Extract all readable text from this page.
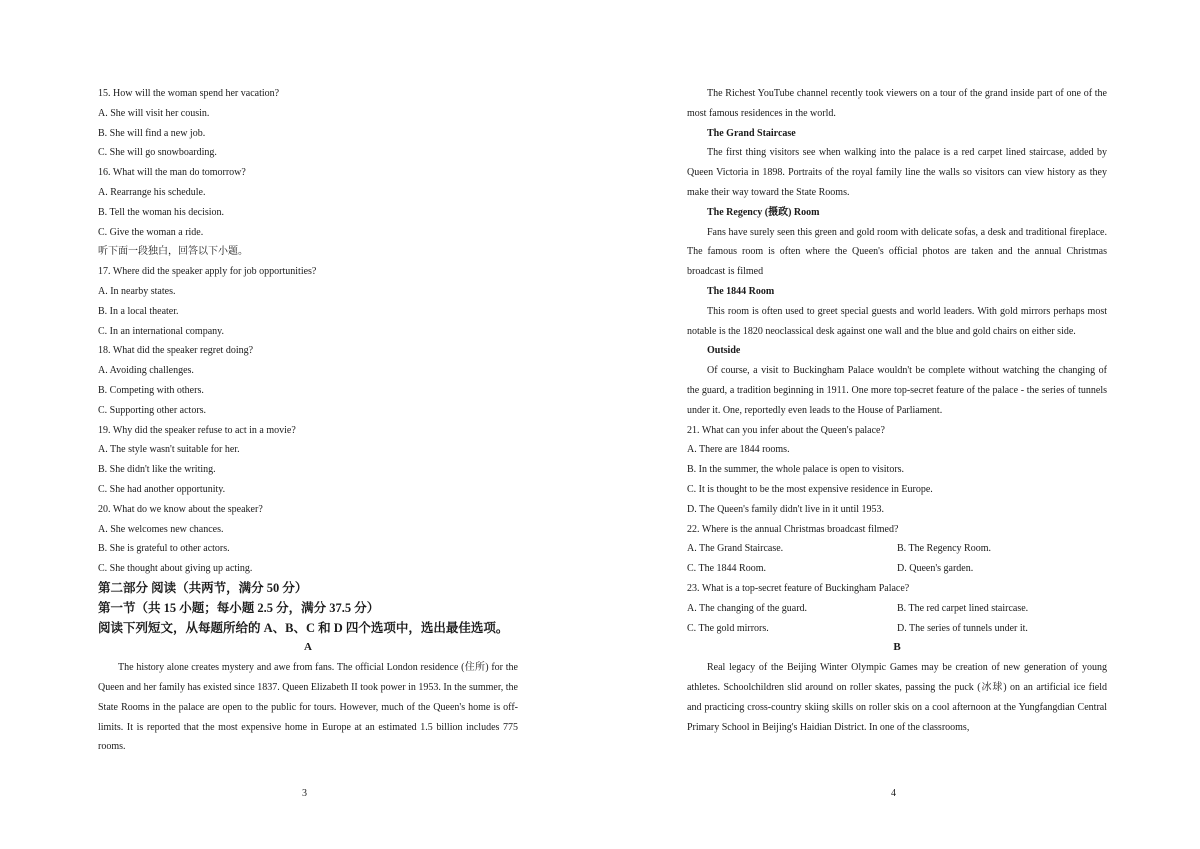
15. How will the woman spend her vacation?
A. She will visit her cousin.
B. She will find a new job.
C. She will go snowboarding.
16. What will the man do tomorrow?
A. Rearrange his schedule.
B. Tell the woman his decision.
C. Give the woman a ride.
听下面一段独白，回答以下小题。
17. Where did the speaker apply for job opportunities?
A. In nearby states.
B. In a local theater.
C. In an international company.
18. What did the speaker regret doing?
A. Avoiding challenges.
B. Competing with others.
C. Supporting other actors.
19. Why did the speaker refuse to act in a movie?
A. The style wasn't suitable for her.
B. She didn't like the writing.
C. She had another opportunity.
20. What do we know about the speaker?
A. She welcomes new chances.
B. She is grateful to other actors.
C. She thought about giving up acting.
第二部分 阅读（共两节，满分 50 分）
第一节（共 15 小题；每小题 2.5 分，满分 37.5 分）
阅读下列短文，从每题所给的 A、B、C 和 D 四个选项中，选出最佳选项。
A

The history alone creates mystery and awe from fans. The official London residence (住所) for the Queen and her family has existed since 1837. Queen Elizabeth II took power in 1953. In the summer, the State Rooms in the palace are open to the public for tours. However, much of the Queen's home is off-limits. It is reported that the most expensive home in Europe at an estimated 1.5 billion includes 775 rooms.

3

The Richest YouTube channel recently took viewers on a tour of the grand inside part of one of the most famous residences in the world.

The Grand Staircase

The first thing visitors see when walking into the palace is a red carpet lined staircase, added by Queen Victoria in 1898. Portraits of the royal family line the walls so visitors can view history as they make their way toward the State Rooms.

The Regency (摄政) Room

Fans have surely seen this green and gold room with delicate sofas, a desk and traditional fireplace. The famous room is often where the Queen's official photos are taken and the annual Christmas broadcast is filmed

The 1844 Room

This room is often used to greet special guests and world leaders. With gold mirrors perhaps most notable is the 1820 neoclassical desk against one wall and the blue and gold chairs on either side.

Outside

Of course, a visit to Buckingham Palace wouldn't be complete without watching the changing of the guard, a tradition beginning in 1911. One more top-secret feature of the palace - the series of tunnels under it. One, reportedly even leads to the House of Parliament.

21. What can you infer about the Queen's palace?
A. There are 1844 rooms.
B. In the summer, the whole palace is open to visitors.
C. It is thought to be the most expensive residence in Europe.
D. The Queen's family didn't live in it until 1953.
22. Where is the annual Christmas broadcast filmed?
A. The Grand Staircase.	B. The Regency Room.
C. The 1844 Room.	D. Queen's garden.
23. What is a top-secret feature of Buckingham Palace?
A. The changing of the guard.	B. The red carpet lined staircase.
C. The gold mirrors.	D. The series of tunnels under it.
B

Real legacy of the Beijing Winter Olympic Games may be creation of new generation of young athletes. Schoolchildren slid around on roller skates, passing the puck (冰球) on an artificial ice field and practicing cross-country skiing skills on roller skis on a cool afternoon at the Yungfangdian Central Primary School in Beijing's Haidian District. In one of the classrooms,

4
